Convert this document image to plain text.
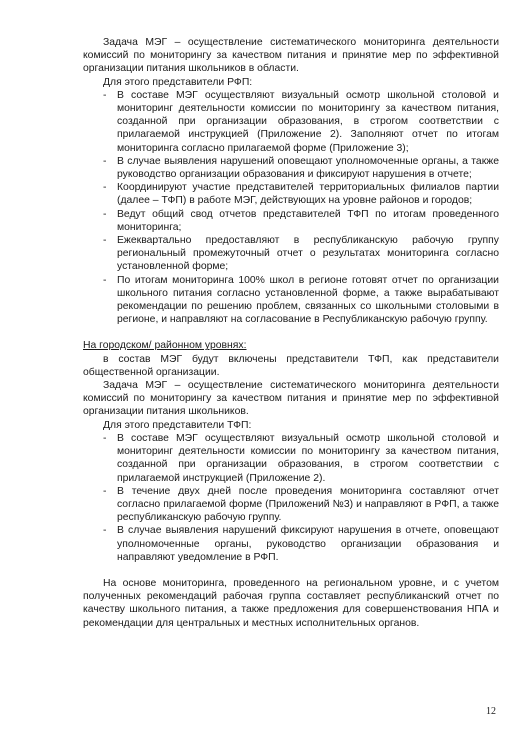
Задача МЭГ – осуществление систематического мониторинга деятельности комиссий по мониторингу за качеством питания и принятие мер по эффективной организации питания школьников в области.

Для этого представители РФП:

- В составе МЭГ осуществляют визуальный осмотр школьной столовой и мониторинг деятельности комиссии по мониторингу за качеством питания, созданной при организации образования, в строгом соответствии с прилагаемой инструкцией (Приложение 2). Заполняют отчет по итогам мониторинга согласно прилагаемой форме (Приложение 3);
- В случае выявления нарушений оповещают уполномоченные органы, а также руководство организации образования и фиксируют нарушения в отчете;
- Координируют участие представителей территориальных филиалов партии (далее – ТФП) в работе МЭГ, действующих на уровне районов и городов;
- Ведут общий свод отчетов представителей ТФП по итогам проведенного мониторинга;
- Ежеквартально предоставляют в республиканскую рабочую группу региональный промежуточный отчет о результатах мониторинга согласно установленной форме;
- По итогам мониторинга 100% школ в регионе готовят отчет по организации школьного питания согласно установленной форме, а также вырабатывают рекомендации по решению проблем, связанных со школьными столовыми в регионе, и направляют на согласование в Республиканскую рабочую группу.

На городском/ районном уровнях:

в состав МЭГ будут включены представители ТФП, как представители общественной организации.

Задача МЭГ – осуществление систематического мониторинга деятельности комиссий по мониторингу за качеством питания и принятие мер по эффективной организации питания школьников.

Для этого представители ТФП:

- В составе МЭГ осуществляют визуальный осмотр школьной столовой и мониторинг деятельности комиссии по мониторингу за качеством питания, созданной при организации образования, в строгом соответствии с прилагаемой инструкцией (Приложение 2).
- В течение двух дней после проведения мониторинга составляют отчет согласно прилагаемой форме (Приложений №3) и направляют в РФП, а также республиканскую рабочую группу.
- В случае выявления нарушений фиксируют нарушения в отчете, оповещают уполномоченные органы, руководство организации образования и направляют уведомление в РФП.

На основе мониторинга, проведенного на региональном уровне, и с учетом полученных рекомендаций рабочая группа составляет республиканский отчет по качеству школьного питания, а также предложения для совершенствования НПА и рекомендации для центральных и местных исполнительных органов.

12
